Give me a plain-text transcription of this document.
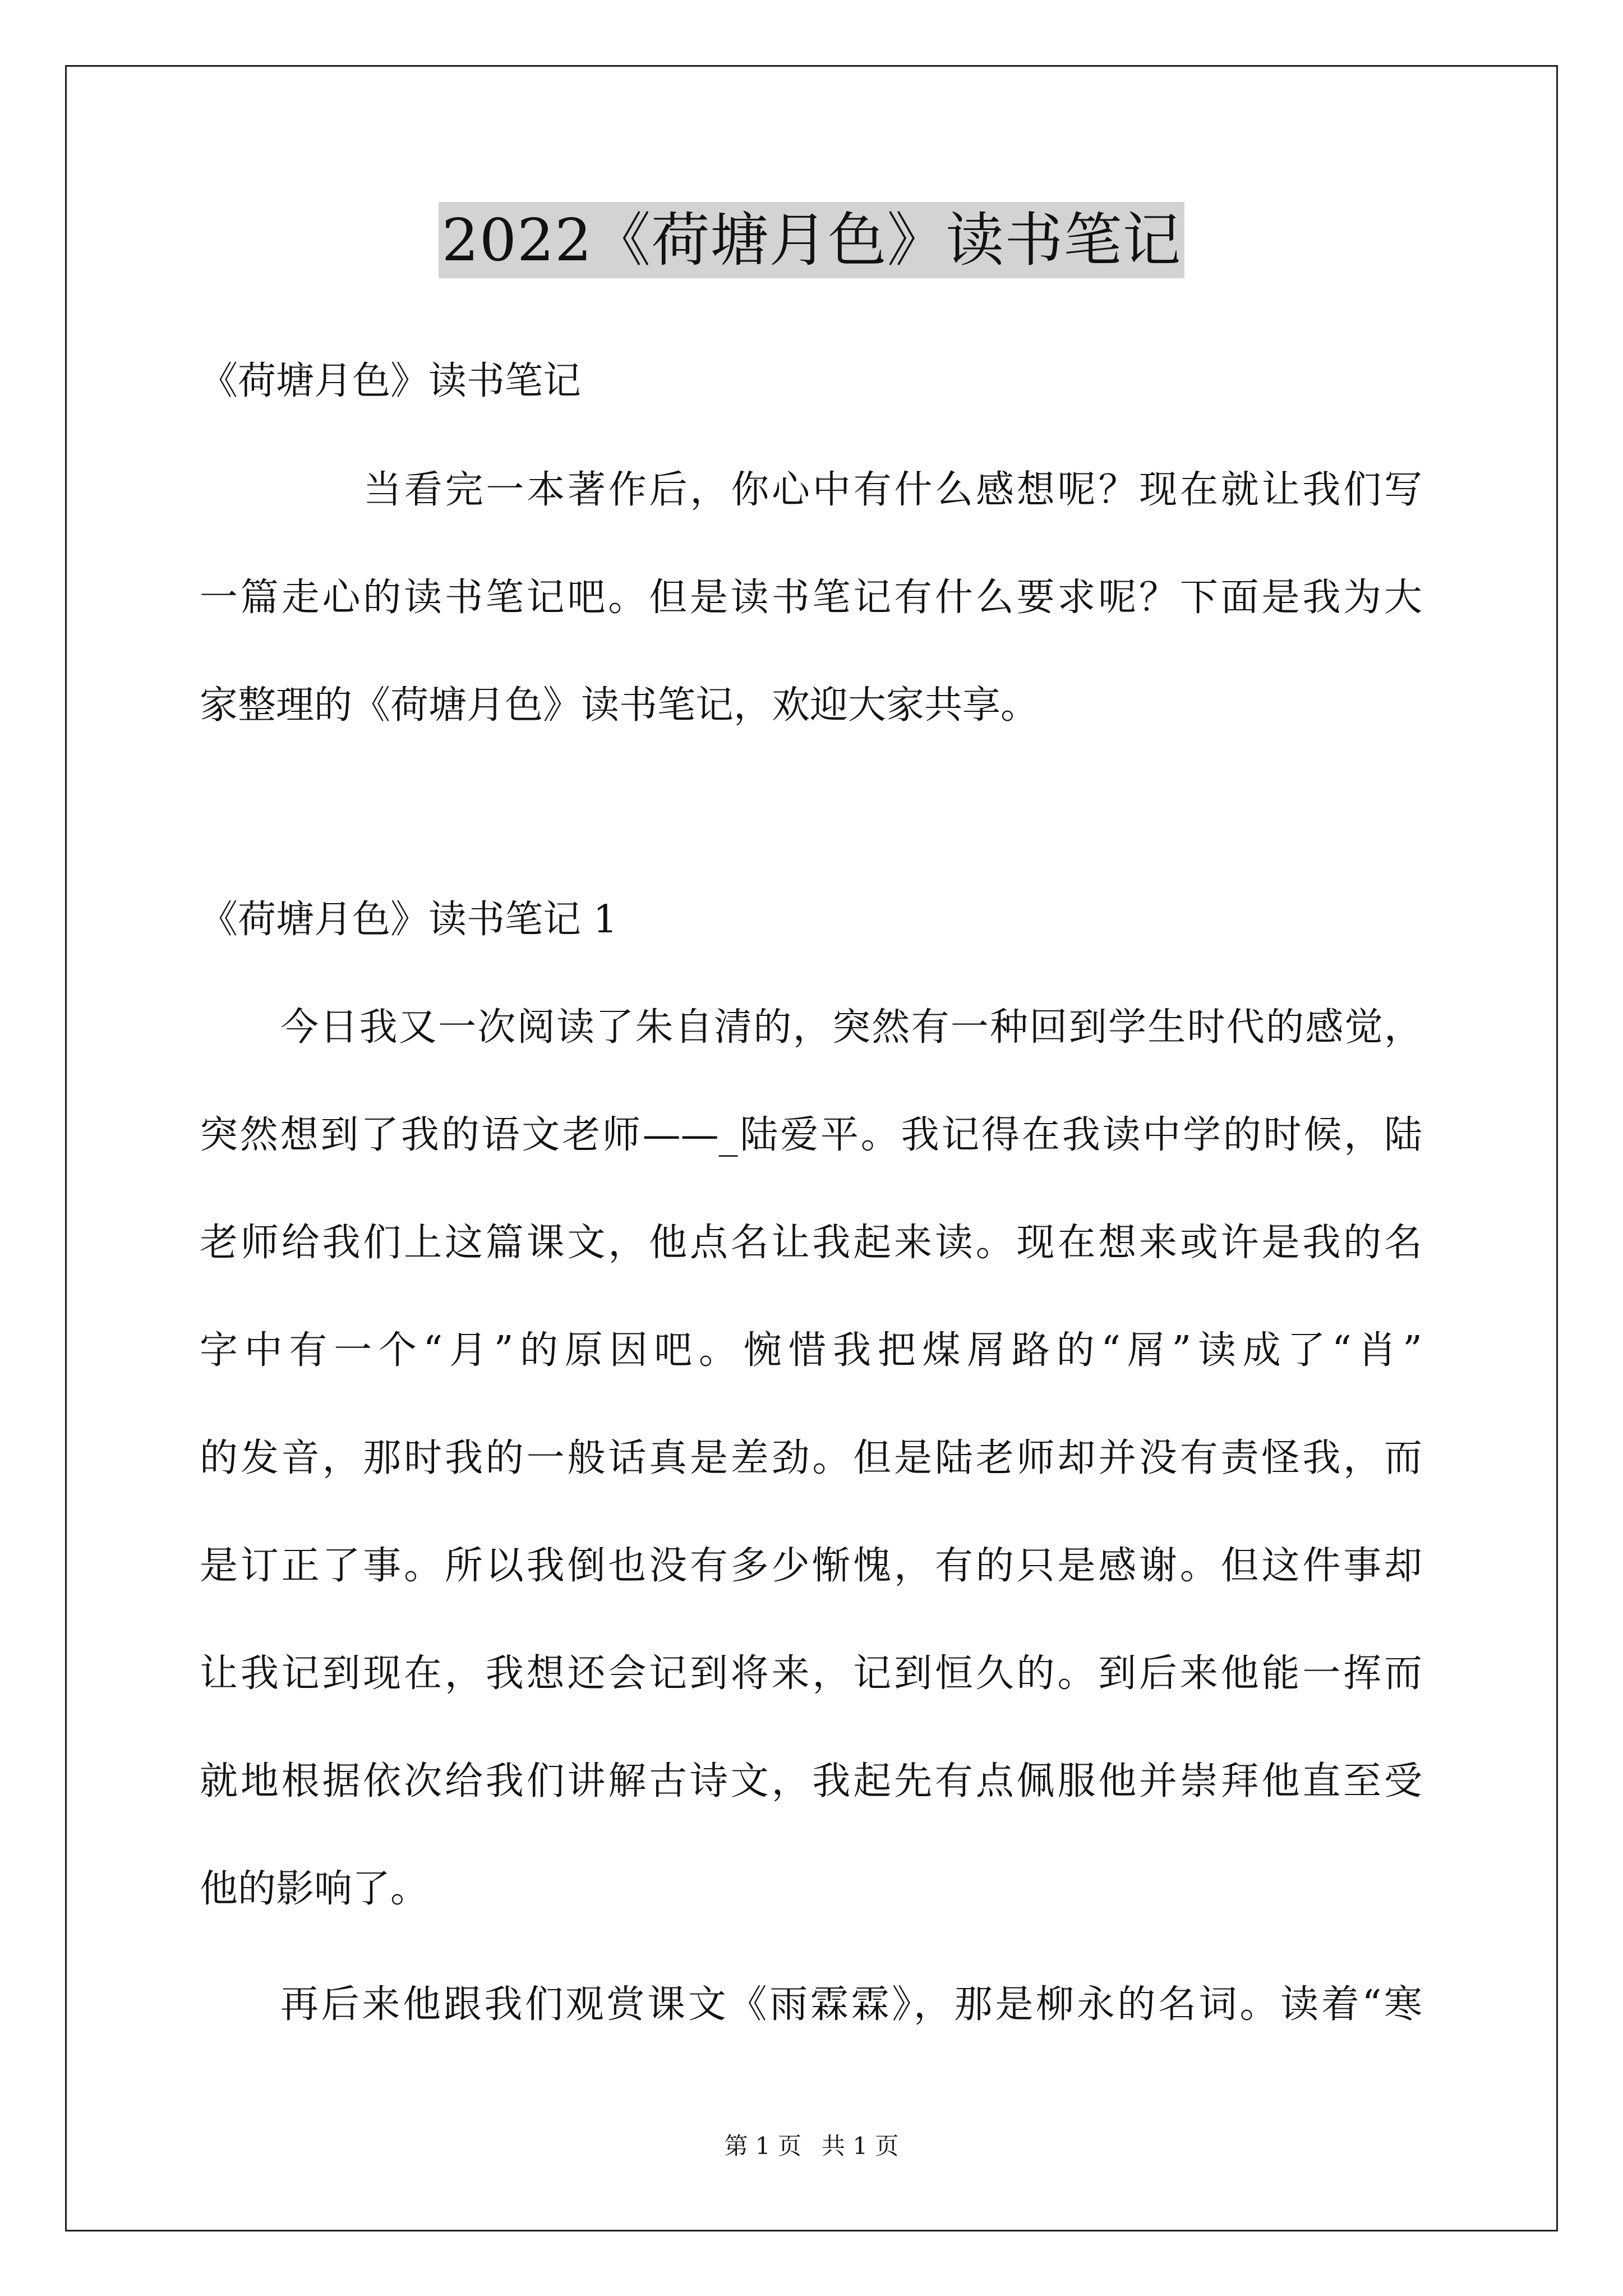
2022《荷塘月色》读书笔记
《荷塘月色》读书笔记
当看完一本著作后，你心中有什么感想呢？现在就让我们写
一篇走心的读书笔记吧。但是读书笔记有什么要求呢？下面是我为大
家整理的《荷塘月色》读书笔记，欢迎大家共享。
《荷塘月色》读书笔记 1
今日我又一次阅读了朱自清的，突然有一种回到学生时代的感觉，
突然想到了我的语文老师——_陆爱平。我记得在我读中学的时候，陆
老师给我们上这篇课文，他点名让我起来读。现在想来或许是我的名
字中有一个“月”的原因吧。惋惜我把煤屑路的“屑”读成了“肖”
的发音，那时我的一般话真是差劲。但是陆老师却并没有责怪我，而
是订正了事。所以我倒也没有多少惭愧，有的只是感谢。但这件事却
让我记到现在，我想还会记到将来，记到恒久的。到后来他能一挥而
就地根据依次给我们讲解古诗文，我起先有点佩服他并崇拜他直至受
他的影响了。
再后来他跟我们观赏课文《雨霖霖》，那是柳永的名词。读着“寒
第 1 页 共 1 页
